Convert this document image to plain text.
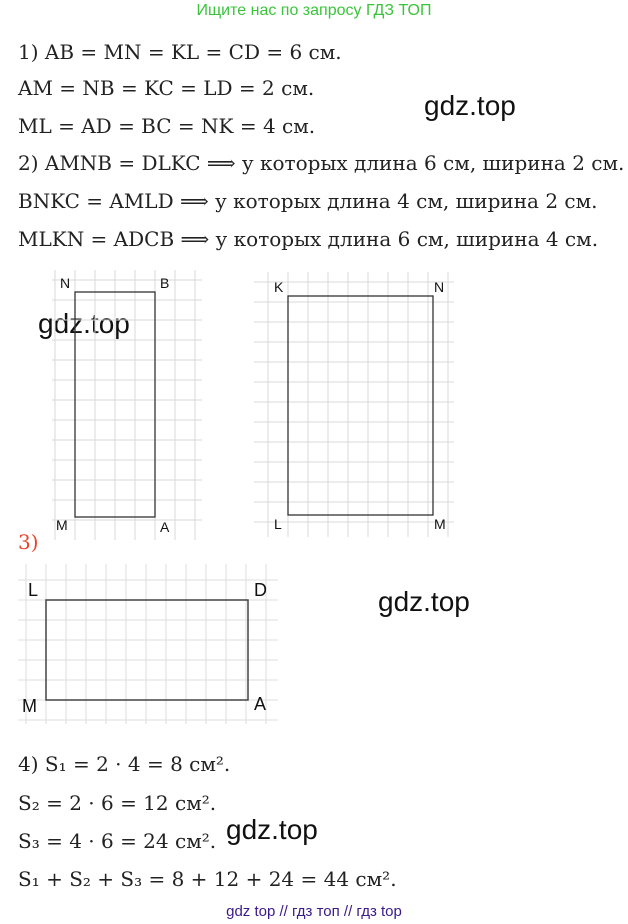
Ищите нас по запросу ГДЗ ТОП
1) AB = MN = KL = CD = 6 см.
AM = NB = KC = LD = 2 см.
ML = AD = BC = NK = 4 см.
2) AMNB = DLKC ⟹ у которых длина 6 см, ширина 2 см.
BNKC = AMLD ⟹ у которых длина 4 см, ширина 2 см.
MLKN = ADCB ⟹ у которых длина 6 см, ширина 4 см.
gdz.top
gdz.top
gdz.top
gdz.top
N	B
M	A
K	N
L	M
3)
L	D
M	A
4) S₁ = 2 · 4 = 8 см².
S₂ = 2 · 6 = 12 см².
S₃ = 4 · 6 = 24 см².
S₁ + S₂ + S₃ = 8 + 12 + 24 = 44 см².
gdz top // гдз топ // гдз top
